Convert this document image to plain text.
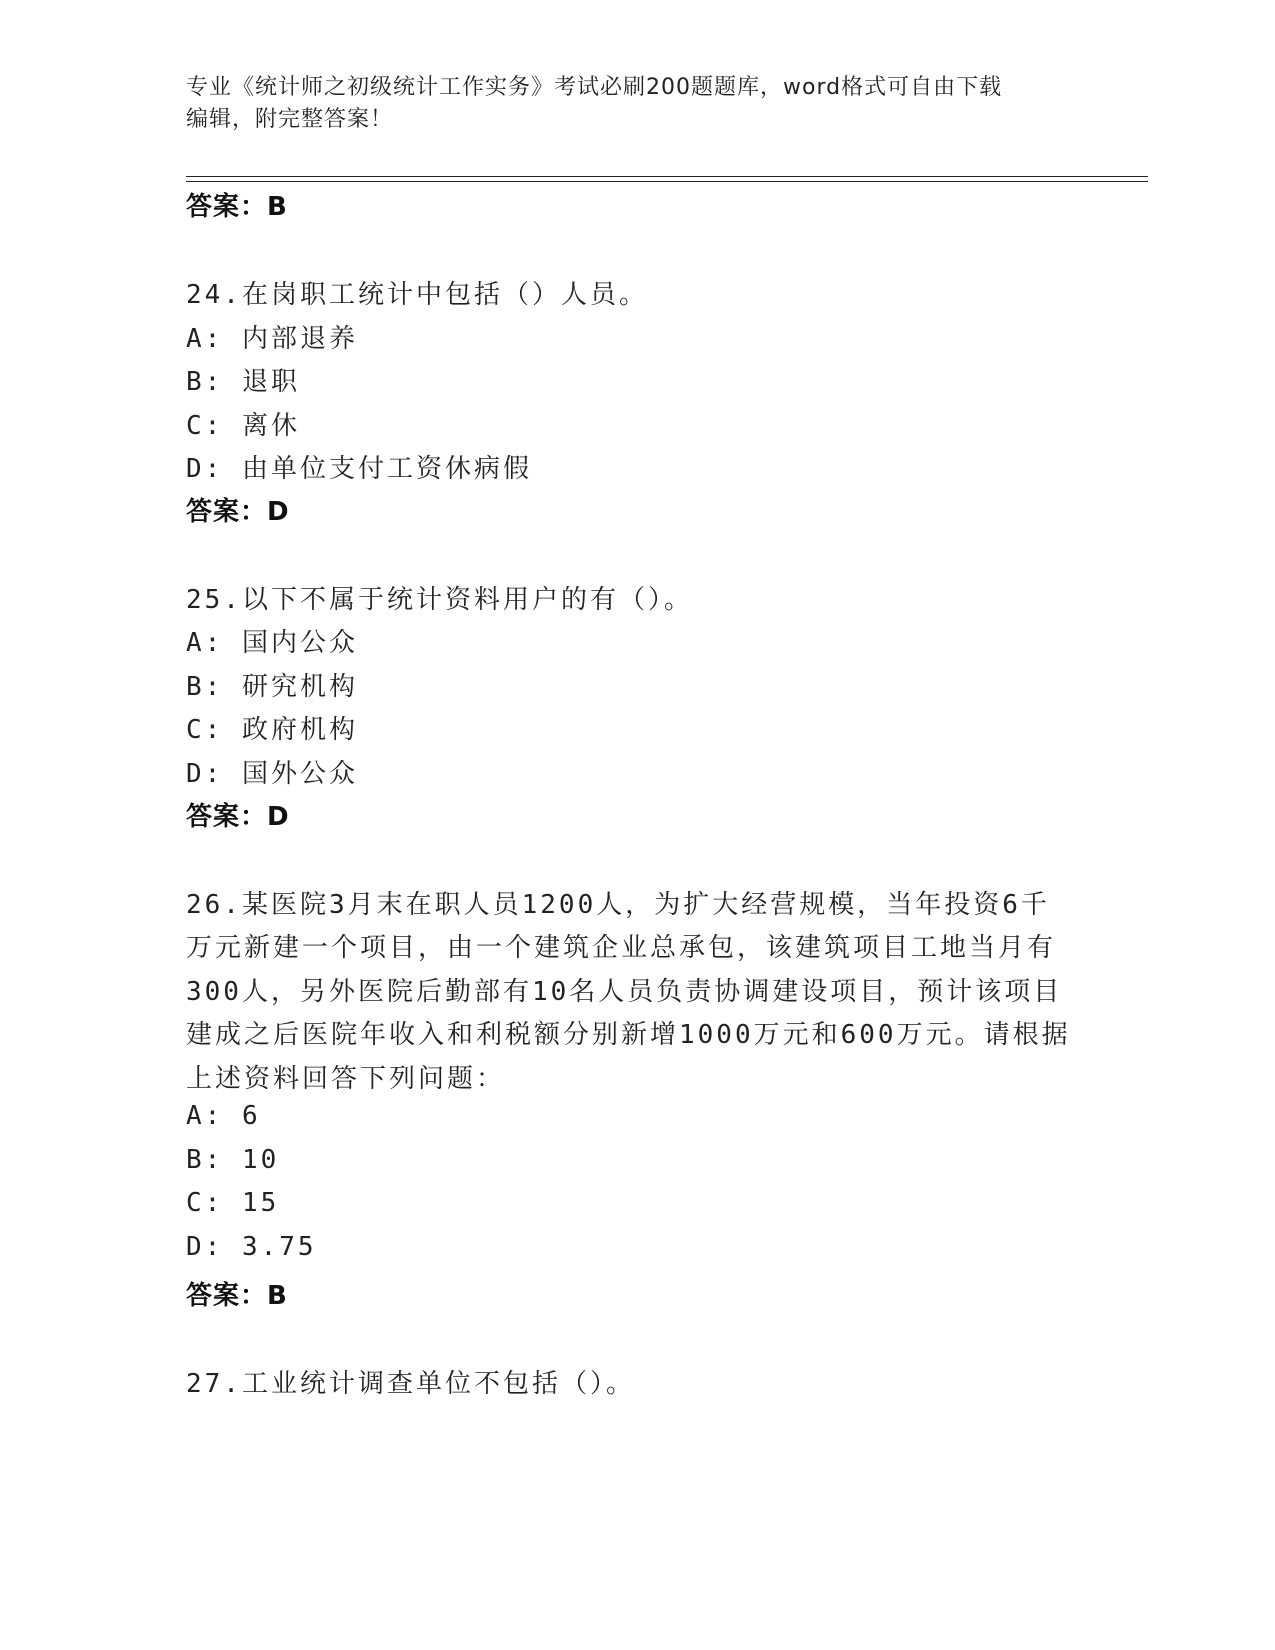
专业《统计师之初级统计工作实务》考试必刷200题题库，word格式可自由下载
编辑，附完整答案！
答案：B
24.在岗职工统计中包括（）人员。
A: 内部退养
B: 退职
C: 离休
D: 由单位支付工资休病假
答案：D
25.以下不属于统计资料用户的有（）。
A: 国内公众
B: 研究机构
C: 政府机构
D: 国外公众
答案：D
26.某医院3月末在职人员1200人，为扩大经营规模，当年投资6千
万元新建一个项目，由一个建筑企业总承包，该建筑项目工地当月有
300人，另外医院后勤部有10名人员负责协调建设项目，预计该项目
建成之后医院年收入和利税额分别新增1000万元和600万元。请根据
上述资料回答下列问题：
A: 6
B: 10
C: 15
D: 3.75
答案：B
27.工业统计调查单位不包括（）。
